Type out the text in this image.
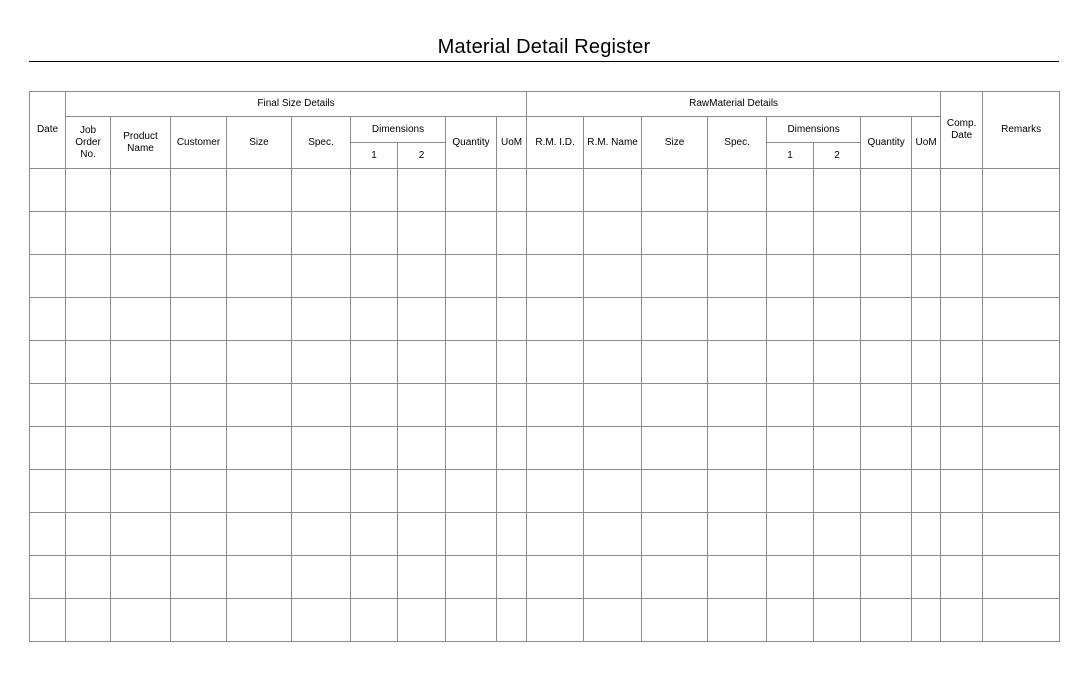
Material Detail Register
Date	Final Size Details									RawMaterial Details								Comp. Date	Remarks
	Job Order No.	Product Name	Customer	Size	Spec.	Dimensions		Quantity	UoM	R.M. I.D.	R.M. Name	Size	Spec.	Dimensions		Quantity	UoM		
						1	2							1	2				
